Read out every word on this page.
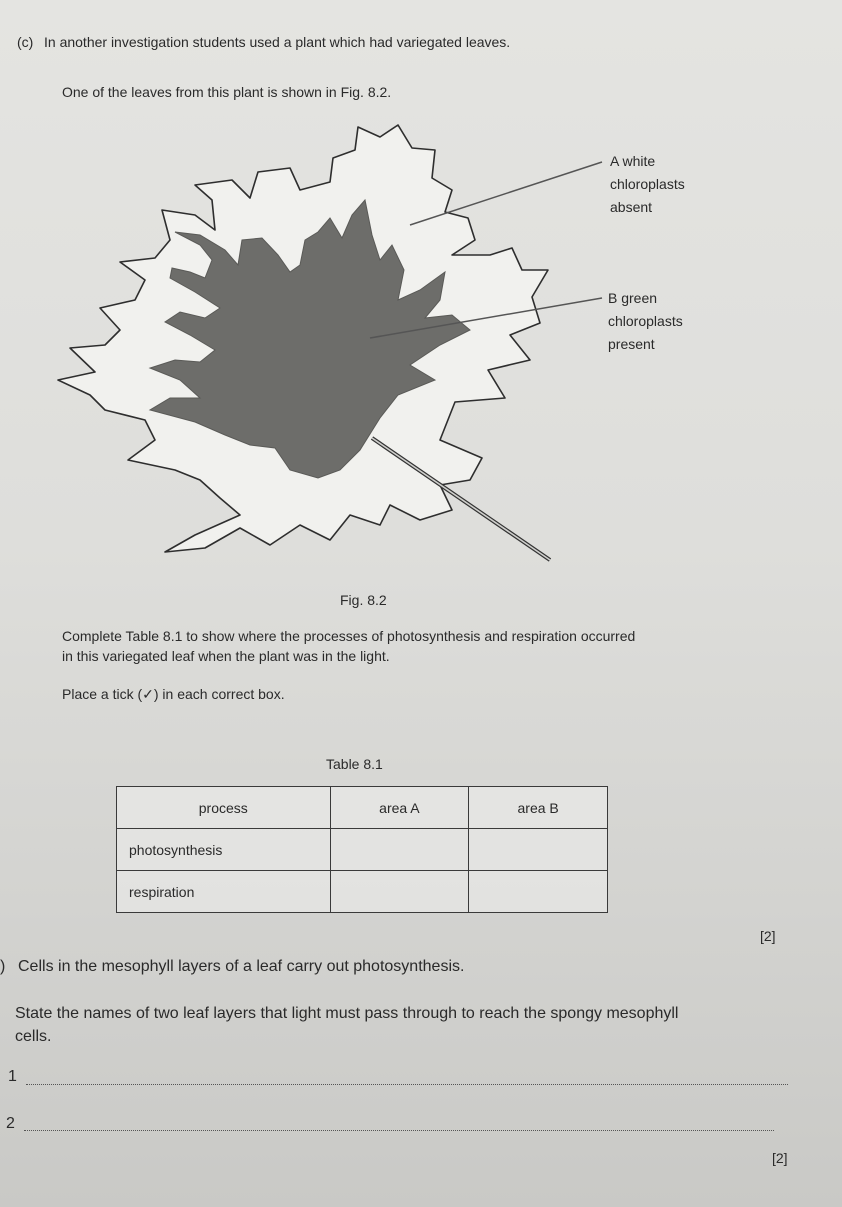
(c) In another investigation students used a plant which had variegated leaves.
One of the leaves from this plant is shown in Fig. 8.2.
A white
chloroplasts
absent
B green
chloroplasts
present
Fig. 8.2
Complete Table 8.1 to show where the processes of photosynthesis and respiration occurred
in this variegated leaf when the plant was in the light.
Place a tick (✓) in each correct box.
Table 8.1
process	area A	area B
photosynthesis		
respiration		
[2]
) Cells in the mesophyll layers of a leaf carry out photosynthesis.
State the names of two leaf layers that light must pass through to reach the spongy mesophyll
cells.
1
2
[2]
